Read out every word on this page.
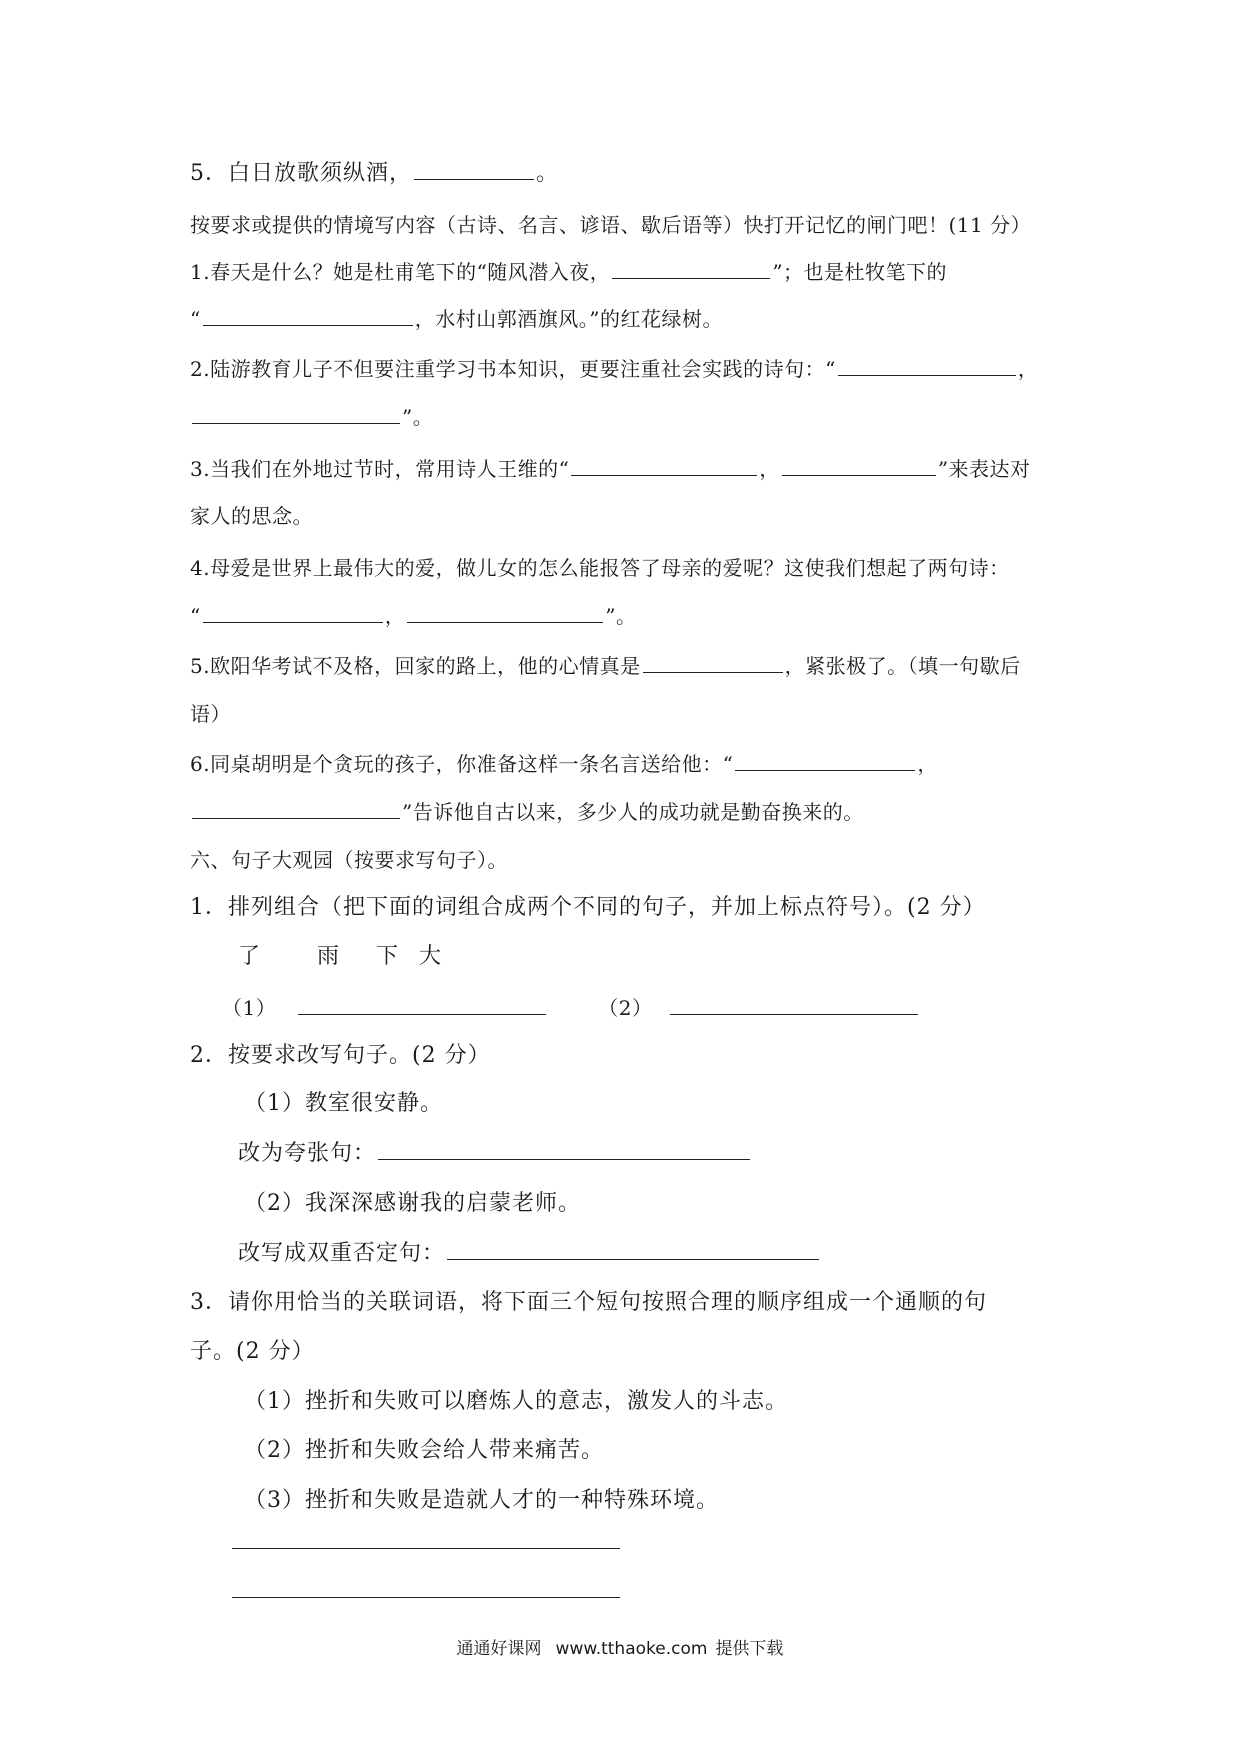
5．白日放歌须纵酒，	。
按要求或提供的情境写内容（古诗、名言、谚语、歇后语等）快打开记忆的闸门吧！(11 分）
1.春天是什么？她是杜甫笔下的“随风潜入夜，	”；也是杜牧笔下的
“	，水村山郭酒旗风。”的红花绿树。
2.陆游教育儿子不但要注重学习书本知识，更要注重社会实践的诗句：“	，
”。
3.当我们在外地过节时，常用诗人王维的“	，	”来表达对
家人的思念。
4.母爱是世界上最伟大的爱，做儿女的怎么能报答了母亲的爱呢？这使我们想起了两句诗：
“	，	”。
5.欧阳华考试不及格，回家的路上，他的心情真是	，紧张极了。（填一句歇后
语）
6.同桌胡明是个贪玩的孩子，你准备这样一条名言送给他：“	，
”告诉他自古以来，多少人的成功就是勤奋换来的。
六、句子大观园（按要求写句子）。
1．排列组合（把下面的词组合成两个不同的句子，并加上标点符号）。(2 分）
了	雨 下 大
（1）	（2）
2．按要求改写句子。(2 分）
（1）教室很安静。
改为夸张句：
（2）我深深感谢我的启蒙老师。
改写成双重否定句：
3．请你用恰当的关联词语，将下面三个短句按照合理的顺序组成一个通顺的句
子。(2 分）
（1）挫折和失败可以磨炼人的意志，激发人的斗志。
（2）挫折和失败会给人带来痛苦。
（3）挫折和失败是造就人才的一种特殊环境。
通通好课网 www.tthaoke.com 提供下载
